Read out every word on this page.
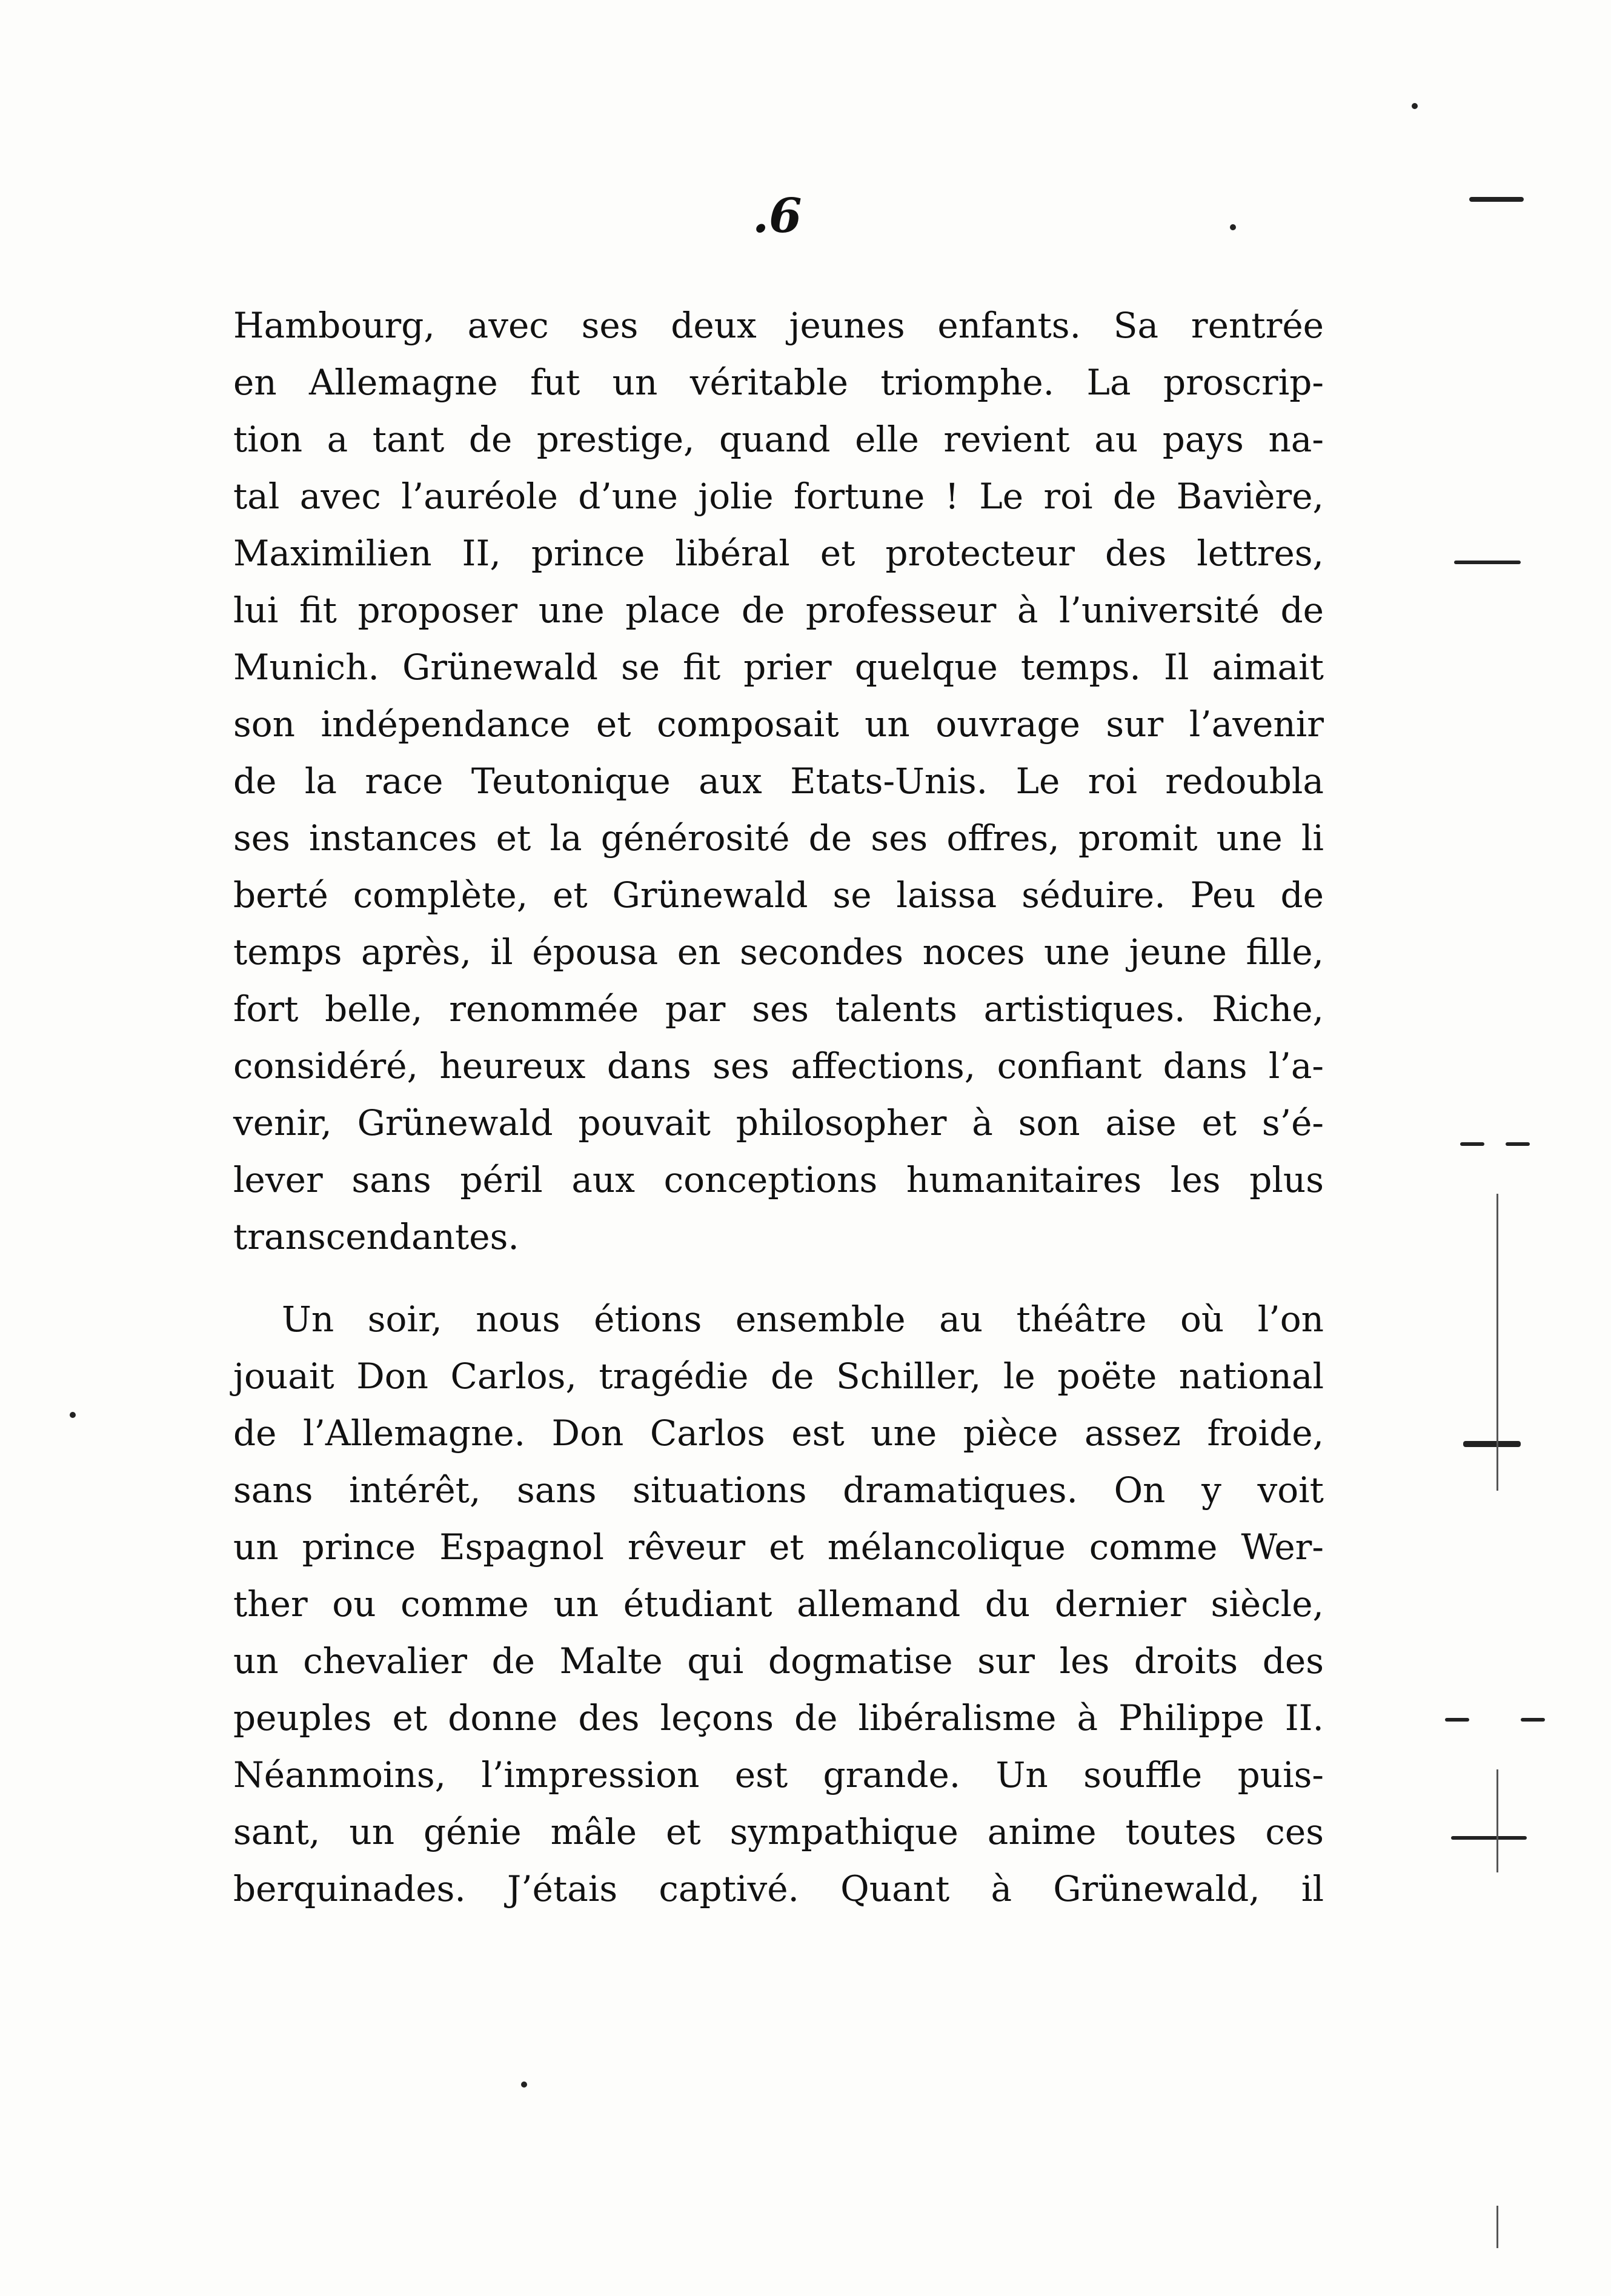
.6
Hambourg, avec ses deux jeunes enfants. Sa rentrée
en Allemagne fut un véritable triomphe. La proscrip-
tion a tant de prestige, quand elle revient au pays na-
tal avec l’auréole d’une jolie fortune ! Le roi de Bavière,
Maximilien II, prince libéral et protecteur des lettres,
lui fit proposer une place de professeur à l’université de
Munich. Grünewald se fit prier quelque temps. Il aimait
son indépendance et composait un ouvrage sur l’avenir
de la race Teutonique aux Etats-Unis. Le roi redoubla
ses instances et la générosité de ses offres, promit une li
berté complète, et Grünewald se laissa séduire. Peu de
temps après, il épousa en secondes noces une jeune fille,
fort belle, renommée par ses talents artistiques. Riche,
considéré, heureux dans ses affections, confiant dans l’a-
venir, Grünewald pouvait philosopher à son aise et s’é-
lever sans péril aux conceptions humanitaires les plus
transcendantes.
Un soir, nous étions ensemble au théâtre où l’on
jouait Don Carlos, tragédie de Schiller, le poëte national
de l’Allemagne. Don Carlos est une pièce assez froide,
sans intérêt, sans situations dramatiques. On y voit
un prince Espagnol rêveur et mélancolique comme Wer-
ther ou comme un étudiant allemand du dernier siècle,
un chevalier de Malte qui dogmatise sur les droits des
peuples et donne des leçons de libéralisme à Philippe II.
Néanmoins, l’impression est grande. Un souffle puis-
sant, un génie mâle et sympathique anime toutes ces
berquinades. J’étais captivé. Quant à Grünewald, il
